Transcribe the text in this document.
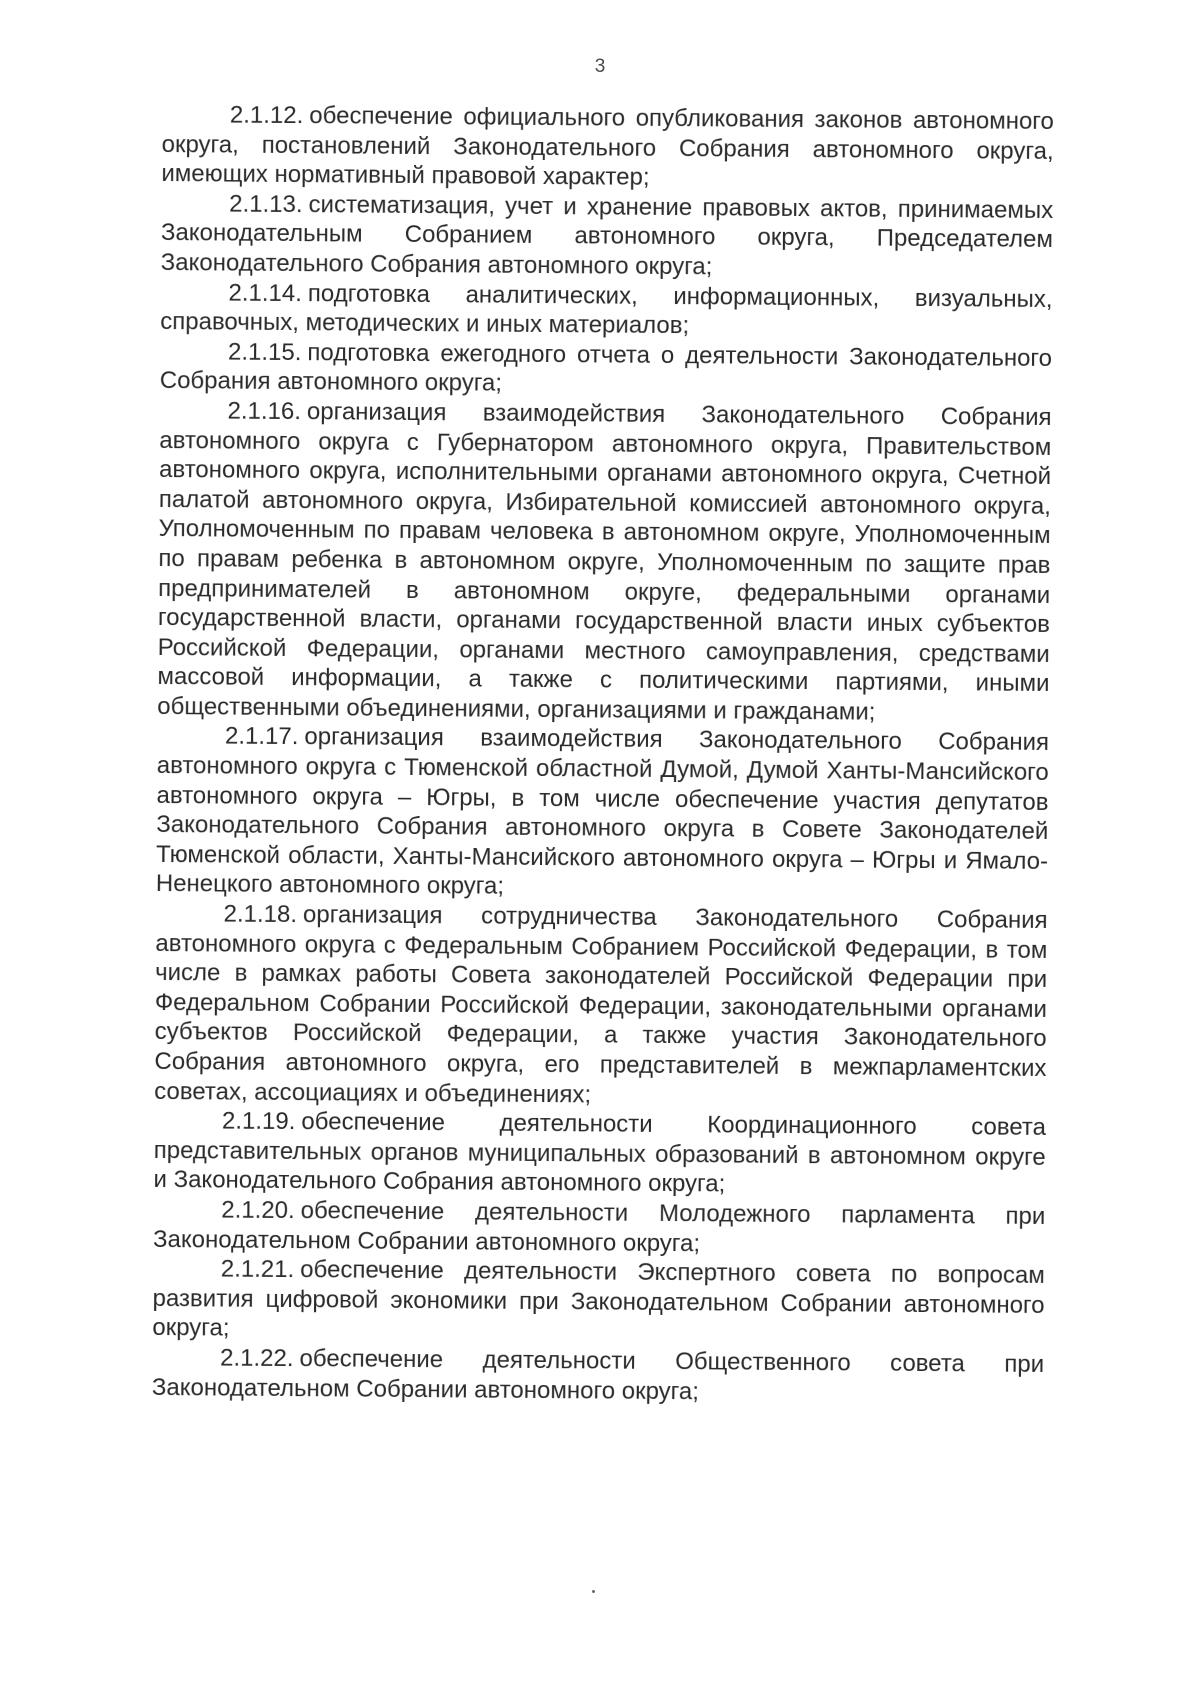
3

2.1.12. обеспечение официального опубликования законов автономного округа, постановлений Законодательного Собрания автономного округа, имеющих нормативный правовой характер;

2.1.13. систематизация, учет и хранение правовых актов, принимаемых Законодательным Собранием автономного округа, Председателем Законодательного Собрания автономного округа;

2.1.14. подготовка аналитических, информационных, визуальных, справочных, методических и иных материалов;

2.1.15. подготовка ежегодного отчета о деятельности Законодательного Собрания автономного округа;

2.1.16. организация взаимодействия Законодательного Собрания автономного округа с Губернатором автономного округа, Правительством автономного округа, исполнительными органами автономного округа, Счетной палатой автономного округа, Избирательной комиссией автономного округа, Уполномоченным по правам человека в автономном округе, Уполномоченным по правам ребенка в автономном округе, Уполномоченным по защите прав предпринимателей в автономном округе, федеральными органами государственной власти, органами государственной власти иных субъектов Российской Федерации, органами местного самоуправления, средствами массовой информации, а также с политическими партиями, иными общественными объединениями, организациями и гражданами;

2.1.17. организация взаимодействия Законодательного Собрания автономного округа с Тюменской областной Думой, Думой Ханты-Мансийского автономного округа – Югры, в том числе обеспечение участия депутатов Законодательного Собрания автономного округа в Совете Законодателей Тюменской области, Ханты-Мансийского автономного округа – Югры и Ямало-Ненецкого автономного округа;

2.1.18. организация сотрудничества Законодательного Собрания автономного округа с Федеральным Собранием Российской Федерации, в том числе в рамках работы Совета законодателей Российской Федерации при Федеральном Собрании Российской Федерации, законодательными органами субъектов Российской Федерации, а также участия Законодательного Собрания автономного округа, его представителей в межпарламентских советах, ассоциациях и объединениях;

2.1.19. обеспечение деятельности Координационного совета представительных органов муниципальных образований в автономном округе и Законодательного Собрания автономного округа;

2.1.20. обеспечение деятельности Молодежного парламента при Законодательном Собрании автономного округа;

2.1.21. обеспечение деятельности Экспертного совета по вопросам развития цифровой экономики при Законодательном Собрании автономного округа;

2.1.22. обеспечение деятельности Общественного совета при Законодательном Собрании автономного округа;
